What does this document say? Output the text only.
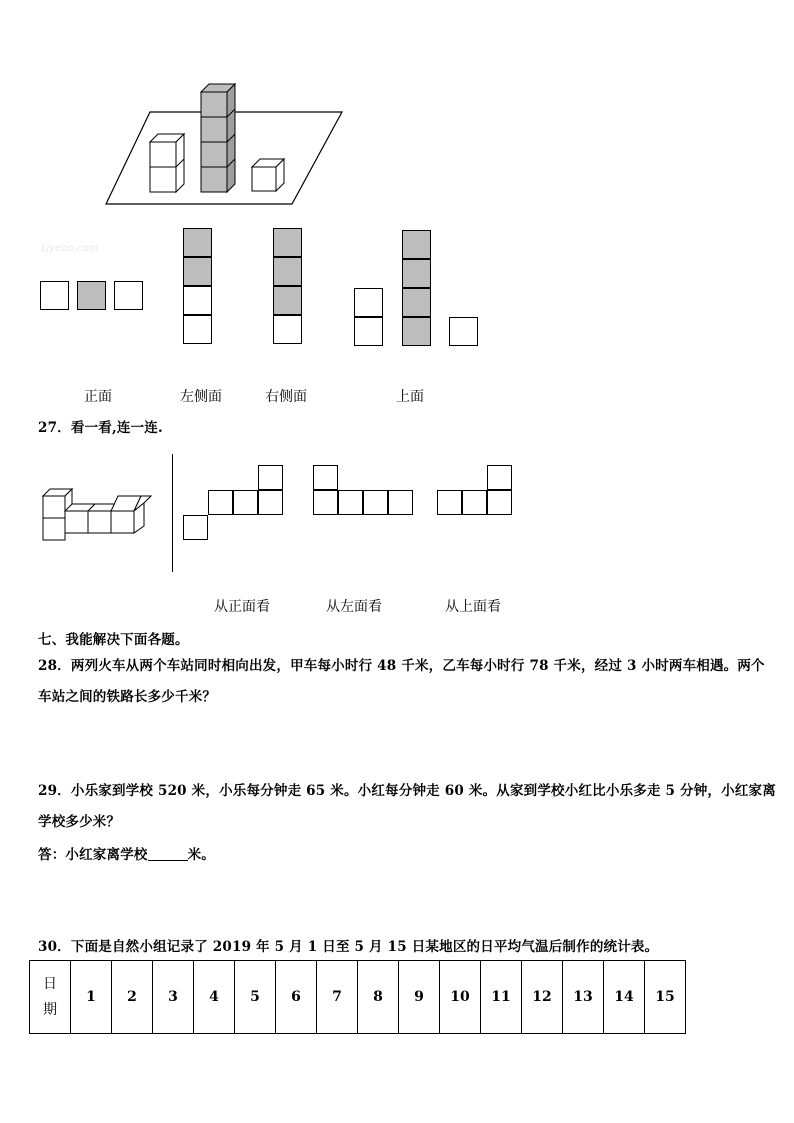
1jyeoo.com
正面	左侧面	右侧面	上面
27．看一看,连一连.
从正面看	从左面看	从上面看
七、我能解决下面各题。
28．两列火车从两个车站同时相向出发，甲车每小时行 48 千米，乙车每小时行 78 千米，经过 3 小时两车相遇。两个
车站之间的铁路长多少千米？
29．小乐家到学校 520 米，小乐每分钟走 65 米。小红每分钟走 60 米。从家到学校小红比小乐多走 5 分钟，小红家离
学校多少米？
答：小红家离学校	米。
30．下面是自然小组记录了 2019 年 5 月 1 日至 5 月 15 日某地区的日平均气温后制作的统计表。
日
期	1	2	3	4	5	6	7	8	9	10	11	12	13	14	15
